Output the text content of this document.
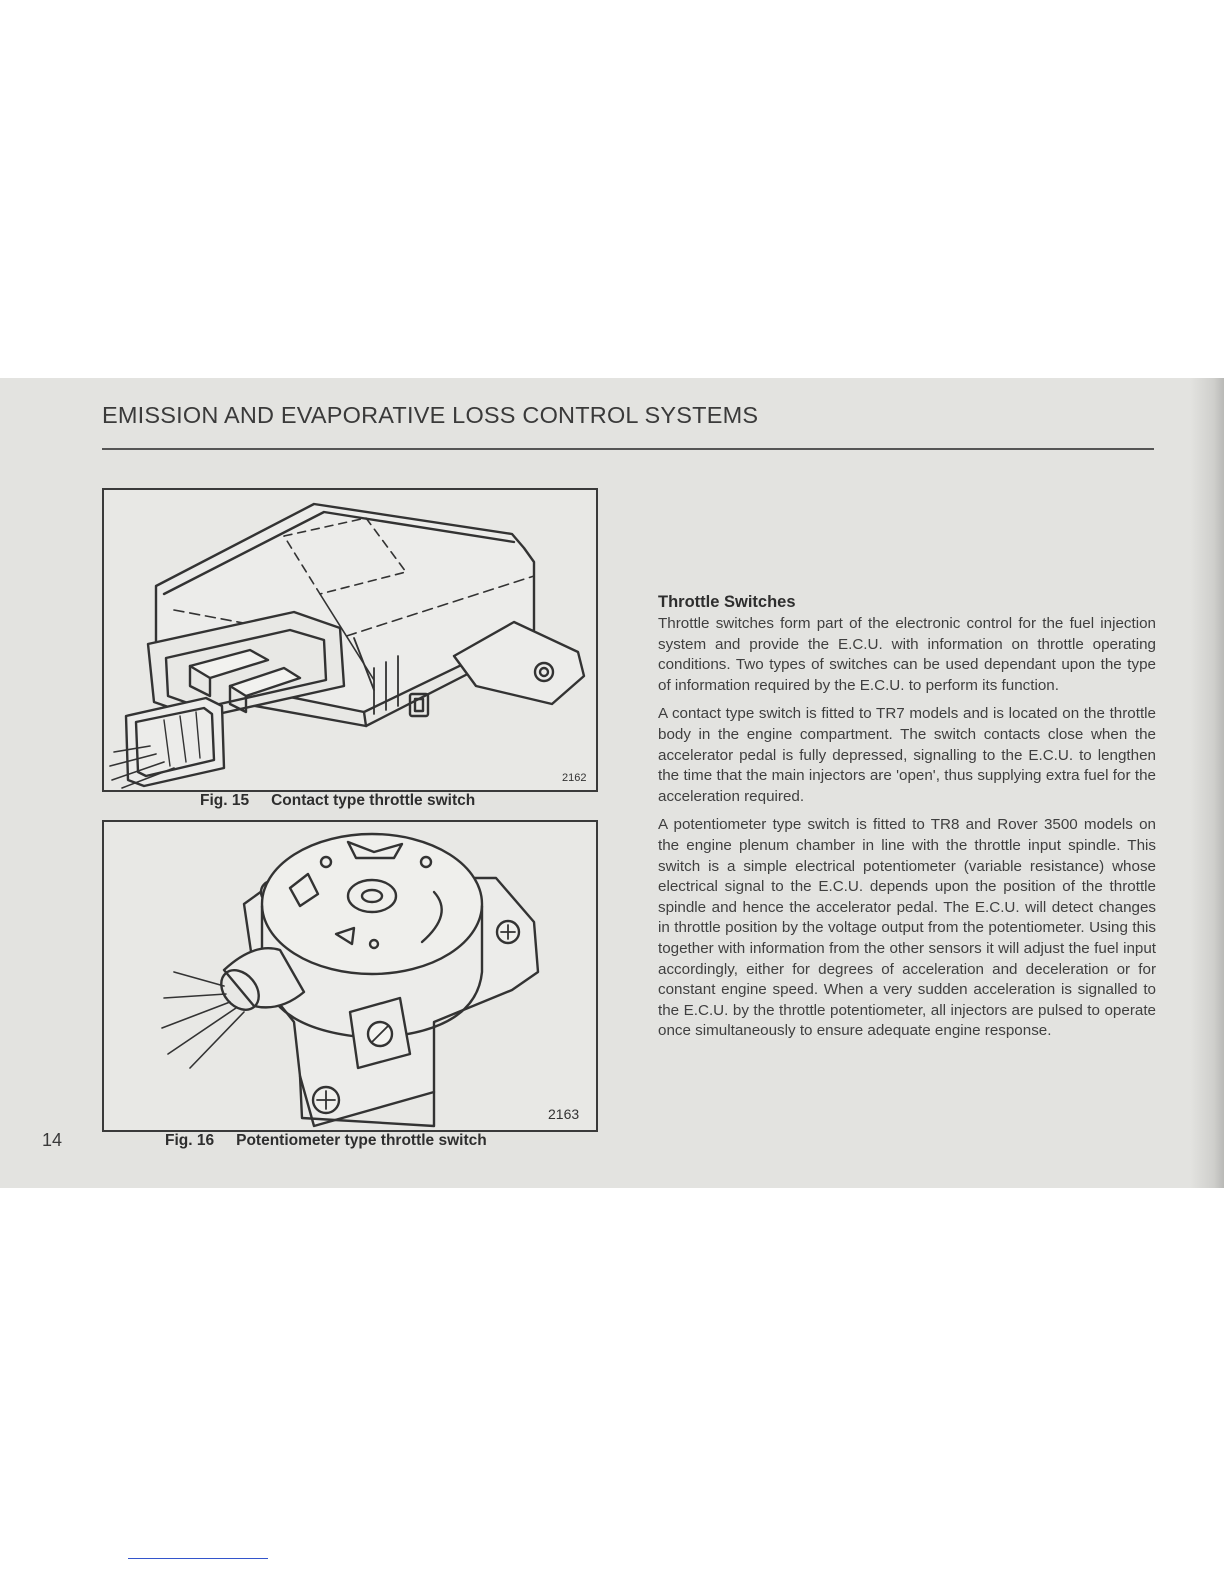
EMISSION AND EVAPORATIVE LOSS CONTROL SYSTEMS
2162
Fig. 15 Contact type throttle switch
2163
Fig. 16 Potentiometer type throttle switch
14
Throttle Switches

Throttle switches form part of the electronic control for the fuel injection system and provide the E.C.U. with information on throttle operating conditions. Two types of switches can be used dependant upon the type of information required by the E.C.U. to perform its function.

A contact type switch is fitted to TR7 models and is located on the throttle body in the engine compartment. The switch contacts close when the accelerator pedal is fully depressed, signalling to the E.C.U. to lengthen the time that the main injectors are 'open', thus supplying extra fuel for the acceleration required.

A potentiometer type switch is fitted to TR8 and Rover 3500 models on the engine plenum chamber in line with the throttle input spindle. This switch is a simple electrical potentiometer (variable resistance) whose electrical signal to the E.C.U. depends upon the position of the throttle spindle and hence the accelerator pedal. The E.C.U. will detect changes in throttle position by the voltage output from the potentiometer. Using this together with information from the other sensors it will adjust the fuel input accordingly, either for degrees of acceleration and deceleration or for constant engine speed. When a very sudden acceleration is signalled to the E.C.U. by the throttle potentiometer, all injectors are pulsed to operate once simultaneously to ensure adequate engine response.
